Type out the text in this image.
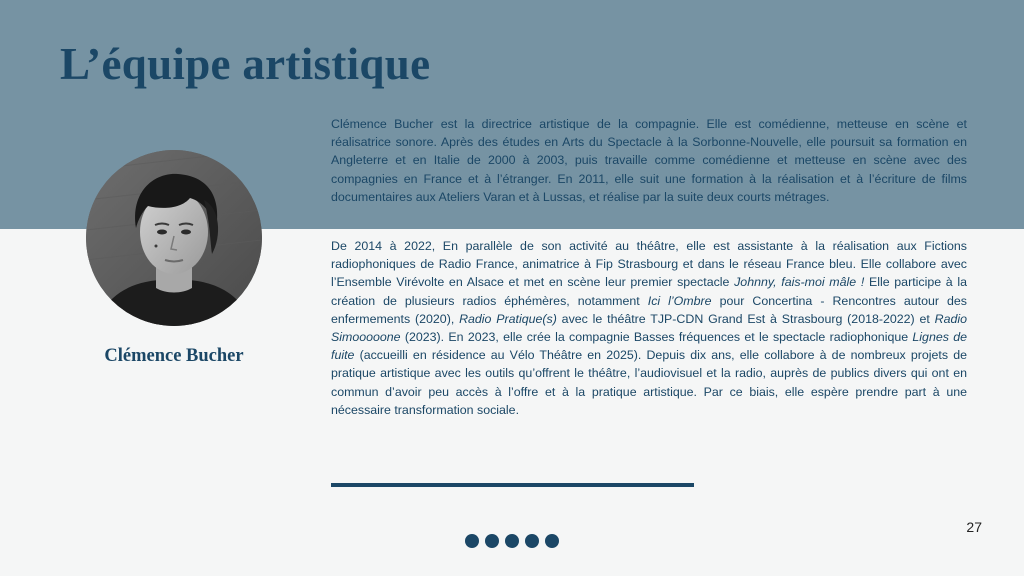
L’équipe artistique
Clémence Bucher

Clémence Bucher est la directrice artistique de la compagnie. Elle est comédienne, metteuse en scène et réalisatrice sonore. Après des études en Arts du Spectacle à la Sorbonne-Nouvelle, elle poursuit sa formation en Angleterre et en Italie de 2000 à 2003, puis travaille comme comédienne et metteuse en scène avec des compagnies en France et à l’étranger. En 2011, elle suit une formation à la réalisation et à l’écriture de films documentaires aux Ateliers Varan et à Lussas, et réalise par la suite deux courts métrages.

De 2014 à 2022, En parallèle de son activité au théâtre, elle est assistante à la réalisation aux Fictions radiophoniques de Radio France, animatrice à Fip Strasbourg et dans le réseau France bleu. Elle collabore avec l’Ensemble Virévolte en Alsace et met en scène leur premier spectacle Johnny, fais-moi mâle ! Elle participe à la création de plusieurs radios éphémères, notamment Ici l’Ombre pour Concertina - Rencontres autour des enfermements (2020), Radio Pratique(s) avec le théâtre TJP-CDN Grand Est à Strasbourg (2018-2022) et Radio Simooooone (2023). En 2023, elle crée la compagnie Basses fréquences et le spectacle radiophonique Lignes de fuite (accueilli en résidence au Vélo Théâtre en 2025). Depuis dix ans, elle collabore à de nombreux projets de pratique artistique avec les outils qu’offrent le théâtre, l’audiovisuel et la radio, auprès de publics divers qui ont en commun d’avoir peu accès à l’offre et à la pratique artistique. Par ce biais, elle espère prendre part à une nécessaire transformation sociale.

27
